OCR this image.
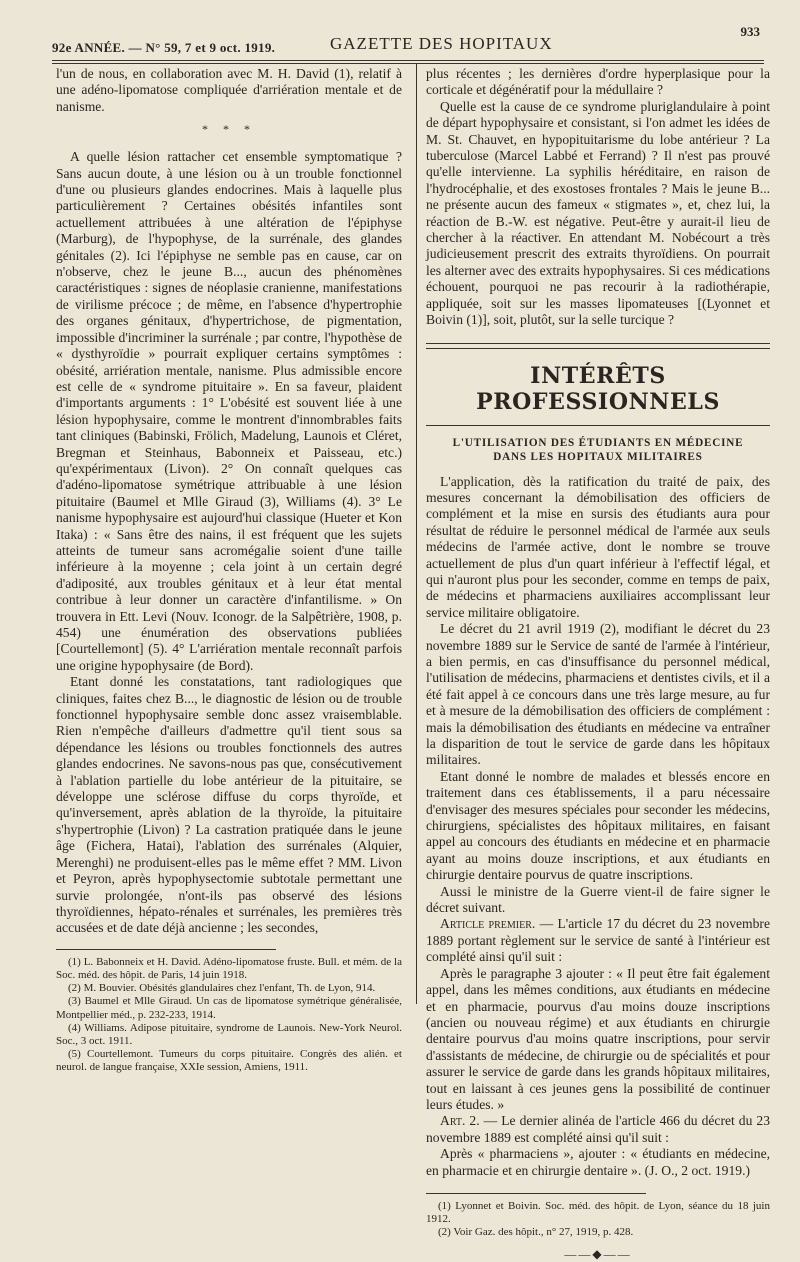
92e ANNÉE. — N° 59, 7 et 9 oct. 1919.	GAZETTE DES HOPITAUX
933

l'un de nous, en collaboration avec M. H. David (1), relatif à une adéno-lipomatose compliquée d'arriération mentale et de nanisme.

* * *

A quelle lésion rattacher cet ensemble symptomatique ? Sans aucun doute, à une lésion ou à un trouble fonctionnel d'une ou plusieurs glandes endocrines. Mais à laquelle plus particulièrement ? Certaines obésités infantiles sont actuellement attribuées à une altération de l'épiphyse (Marburg), de l'hypophyse, de la surrénale, des glandes génitales (2). Ici l'épiphyse ne semble pas en cause, car on n'observe, chez le jeune B..., aucun des phénomènes caractéristiques : signes de néoplasie cranienne, manifestations de virilisme précoce ; de même, en l'absence d'hypertrophie des organes génitaux, d'hypertrichose, de pigmentation, impossible d'incriminer la surrénale ; par contre, l'hypothèse de « dysthyroïdie » pourrait expliquer certains symptômes : obésité, arriération mentale, nanisme. Plus admissible encore est celle de « syndrome pituitaire ». En sa faveur, plaident d'importants arguments : 1° L'obésité est souvent liée à une lésion hypophysaire, comme le montrent d'innombrables faits tant cliniques (Babinski, Frölich, Madelung, Launois et Cléret, Bregman et Steinhaus, Babonneix et Paisseau, etc.) qu'expérimentaux (Livon). 2° On connaît quelques cas d'adéno-lipomatose symétrique attribuable à une lésion pituitaire (Baumel et Mlle Giraud (3), Williams (4). 3° Le nanisme hypophysaire est aujourd'hui classique (Hueter et Kon Itaka) : « Sans être des nains, il est fréquent que les sujets atteints de tumeur sans acromégalie soient d'une taille inférieure à la moyenne ; cela joint à un certain degré d'adiposité, aux troubles génitaux et à leur état mental contribue à leur donner un caractère d'infantilisme. » On trouvera in Ett. Levi (Nouv. Iconogr. de la Salpêtrière, 1908, p. 454) une énumération des observations publiées [Courtellemont] (5). 4° L'arriération mentale reconnaît parfois une origine hypophysaire (de Bord).

Etant donné les constatations, tant radiologiques que cliniques, faites chez B..., le diagnostic de lésion ou de trouble fonctionnel hypophysaire semble donc assez vraisemblable. Rien n'empêche d'ailleurs d'admettre qu'il tient sous sa dépendance les lésions ou troubles fonctionnels des autres glandes endocrines. Ne savons-nous pas que, consécutivement à l'ablation partielle du lobe antérieur de la pituitaire, se développe une sclérose diffuse du corps thyroïde, et qu'inversement, après ablation de la thyroïde, la pituitaire s'hypertrophie (Livon) ? La castration pratiquée dans le jeune âge (Fichera, Hatai), l'ablation des surrénales (Alquier, Merenghi) ne produisent-elles pas le même effet ? MM. Livon et Peyron, après hypophysectomie subtotale permettant une survie prolongée, n'ont-ils pas observé des lésions thyroïdiennes, hépato-rénales et surrénales, les premières très accusées et de date déjà ancienne ; les secondes,

(1) L. Babonneix et H. David. Adéno-lipomatose fruste. Bull. et mém. de la Soc. méd. des hôpit. de Paris, 14 juin 1918.
(2) M. Bouvier. Obésités glandulaires chez l'enfant, Th. de Lyon, 914.
(3) Baumel et Mlle Giraud. Un cas de lipomatose symétrique généralisée, Montpellier méd., p. 232-233, 1914.
(4) Williams. Adipose pituitaire, syndrome de Launois. New-York Neurol. Soc., 3 oct. 1911.
(5) Courtellemont. Tumeurs du corps pituitaire. Congrès des alién. et neurol. de langue française, XXIe session, Amiens, 1911.

plus récentes ; les dernières d'ordre hyperplasique pour la corticale et dégénératif pour la médullaire ?

Quelle est la cause de ce syndrome pluriglandulaire à point de départ hypophysaire et consistant, si l'on admet les idées de M. St. Chauvet, en hypopituitarisme du lobe antérieur ? La tuberculose (Marcel Labbé et Ferrand) ? Il n'est pas prouvé qu'elle intervienne. La syphilis héréditaire, en raison de l'hydrocéphalie, et des exostoses frontales ? Mais le jeune B... ne présente aucun des fameux « stigmates », et, chez lui, la réaction de B.-W. est négative. Peut-être y aurait-il lieu de chercher à la réactiver. En attendant M. Nobécourt a très judicieusement prescrit des extraits thyroïdiens. On pourrait les alterner avec des extraits hypophysaires. Si ces médications échouent, pourquoi ne pas recourir à la radiothérapie, appliquée, soit sur les masses lipomateuses [(Lyonnet et Boivin (1)], soit, plutôt, sur la selle turcique ?

INTÉRÊTS PROFESSIONNELS
L'UTILISATION DES ÉTUDIANTS EN MÉDECINE
DANS LES HOPITAUX MILITAIRES

L'application, dès la ratification du traité de paix, des mesures concernant la démobilisation des officiers de complément et la mise en sursis des étudiants aura pour résultat de réduire le personnel médical de l'armée aux seuls médecins de l'armée active, dont le nombre se trouve actuellement de plus d'un quart inférieur à l'effectif légal, et qui n'auront plus pour les seconder, comme en temps de paix, de médecins et pharmaciens auxiliaires accomplissant leur service militaire obligatoire.

Le décret du 21 avril 1919 (2), modifiant le décret du 23 novembre 1889 sur le Service de santé de l'armée à l'intérieur, a bien permis, en cas d'insuffisance du personnel médical, l'utilisation de médecins, pharmaciens et dentistes civils, et il a été fait appel à ce concours dans une très large mesure, au fur et à mesure de la démobilisation des officiers de complément : mais la démobilisation des étudiants en médecine va entraîner la disparition de tout le service de garde dans les hôpitaux militaires.

Etant donné le nombre de malades et blessés encore en traitement dans ces établissements, il a paru nécessaire d'envisager des mesures spéciales pour seconder les médecins, chirurgiens, spécialistes des hôpitaux militaires, en faisant appel au concours des étudiants en médecine et en pharmacie ayant au moins douze inscriptions, et aux étudiants en chirurgie dentaire pourvus de quatre inscriptions.

Aussi le ministre de la Guerre vient-il de faire signer le décret suivant.

Article premier. — L'article 17 du décret du 23 novembre 1889 portant règlement sur le service de santé à l'intérieur est complété ainsi qu'il suit :

Après le paragraphe 3 ajouter : « Il peut être fait également appel, dans les mêmes conditions, aux étudiants en médecine et en pharmacie, pourvus d'au moins douze inscriptions (ancien ou nouveau régime) et aux étudiants en chirurgie dentaire pourvus d'au moins quatre inscriptions, pour servir d'assistants de médecine, de chirurgie ou de spécialités et pour assurer le service de garde dans les grands hôpitaux militaires, tout en laissant à ces jeunes gens la possibilité de continuer leurs études. »

Art. 2. — Le dernier alinéa de l'article 466 du décret du 23 novembre 1889 est complété ainsi qu'il suit :

Après « pharmaciens », ajouter : « étudiants en médecine, en pharmacie et en chirurgie dentaire ». (J. O., 2 oct. 1919.)

(1) Lyonnet et Boivin. Soc. méd. des hôpit. de Lyon, séance du 18 juin 1912.
(2) Voir Gaz. des hôpit., n° 27, 1919, p. 428.
——◆——
